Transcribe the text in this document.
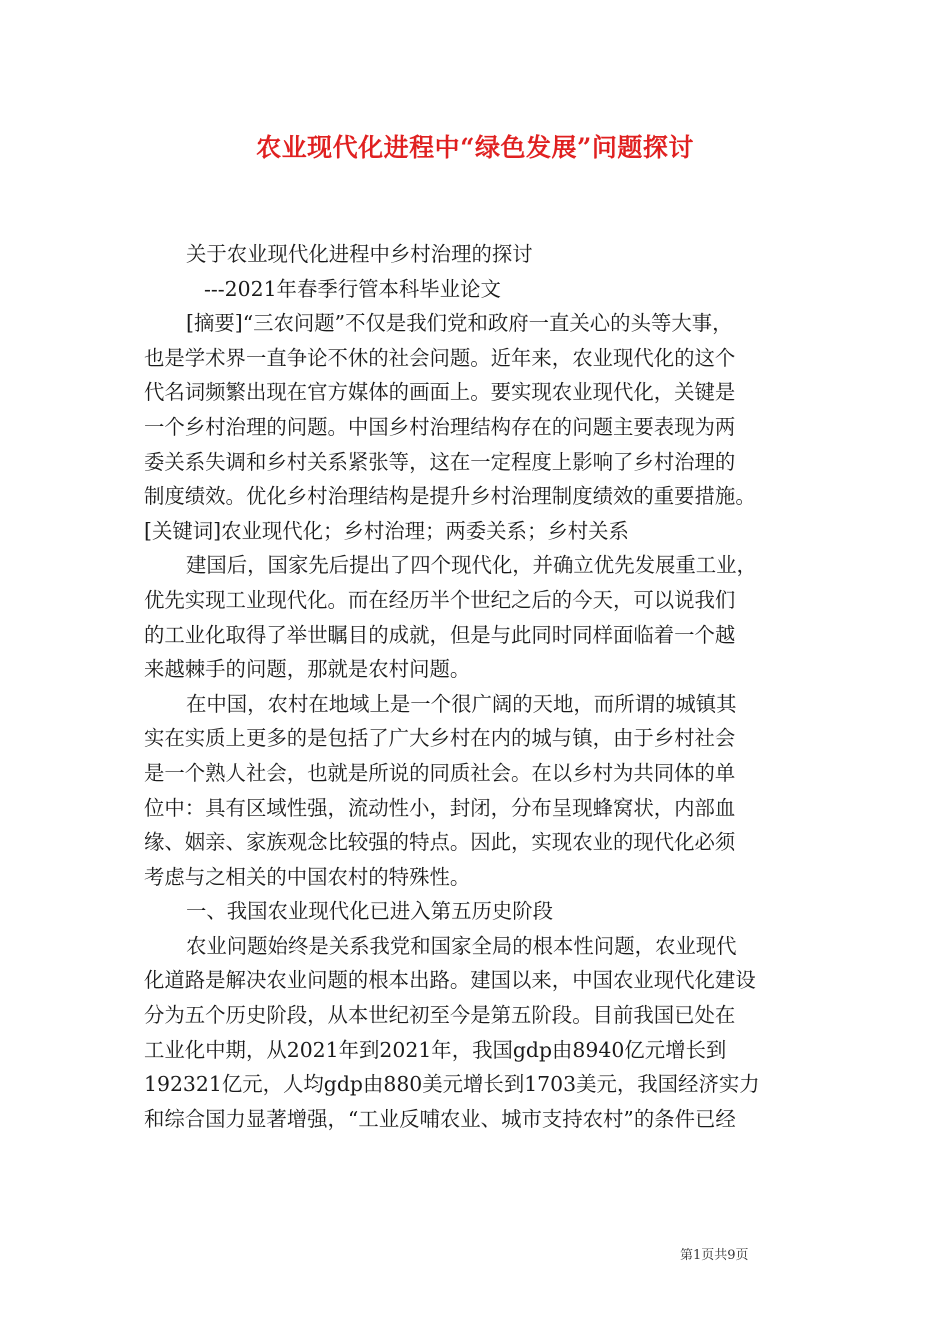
农业现代化进程中“绿色发展”问题探讨
关于农业现代化进程中乡村治理的探讨
---2021年春季行管本科毕业论文
[摘要]“三农问题”不仅是我们党和政府一直关心的头等大事，
也是学术界一直争论不休的社会问题。近年来，农业现代化的这个
代名词频繁出现在官方媒体的画面上。要实现农业现代化，关键是
一个乡村治理的问题。中国乡村治理结构存在的问题主要表现为两
委关系失调和乡村关系紧张等，这在一定程度上影响了乡村治理的
制度绩效。优化乡村治理结构是提升乡村治理制度绩效的重要措施。
[关键词]农业现代化；乡村治理；两委关系；乡村关系
建国后，国家先后提出了四个现代化，并确立优先发展重工业，
优先实现工业现代化。而在经历半个世纪之后的今天，可以说我们
的工业化取得了举世瞩目的成就，但是与此同时同样面临着一个越
来越棘手的问题，那就是农村问题。
在中国，农村在地域上是一个很广阔的天地，而所谓的城镇其
实在实质上更多的是包括了广大乡村在内的城与镇，由于乡村社会
是一个熟人社会，也就是所说的同质社会。在以乡村为共同体的单
位中：具有区域性强，流动性小，封闭，分布呈现蜂窝状，内部血
缘、姻亲、家族观念比较强的特点。因此，实现农业的现代化必须
考虑与之相关的中国农村的特殊性。
一、我国农业现代化已进入第五历史阶段
农业问题始终是关系我党和国家全局的根本性问题，农业现代
化道路是解决农业问题的根本出路。建国以来，中国农业现代化建设
分为五个历史阶段，从本世纪初至今是第五阶段。目前我国已处在
工业化中期，从2021年到2021年，我国gdp由8940亿元增长到
192321亿元，人均gdp由880美元增长到1703美元，我国经济实力
和综合国力显著增强，“工业反哺农业、城市支持农村”的条件已经
第1页共9页
